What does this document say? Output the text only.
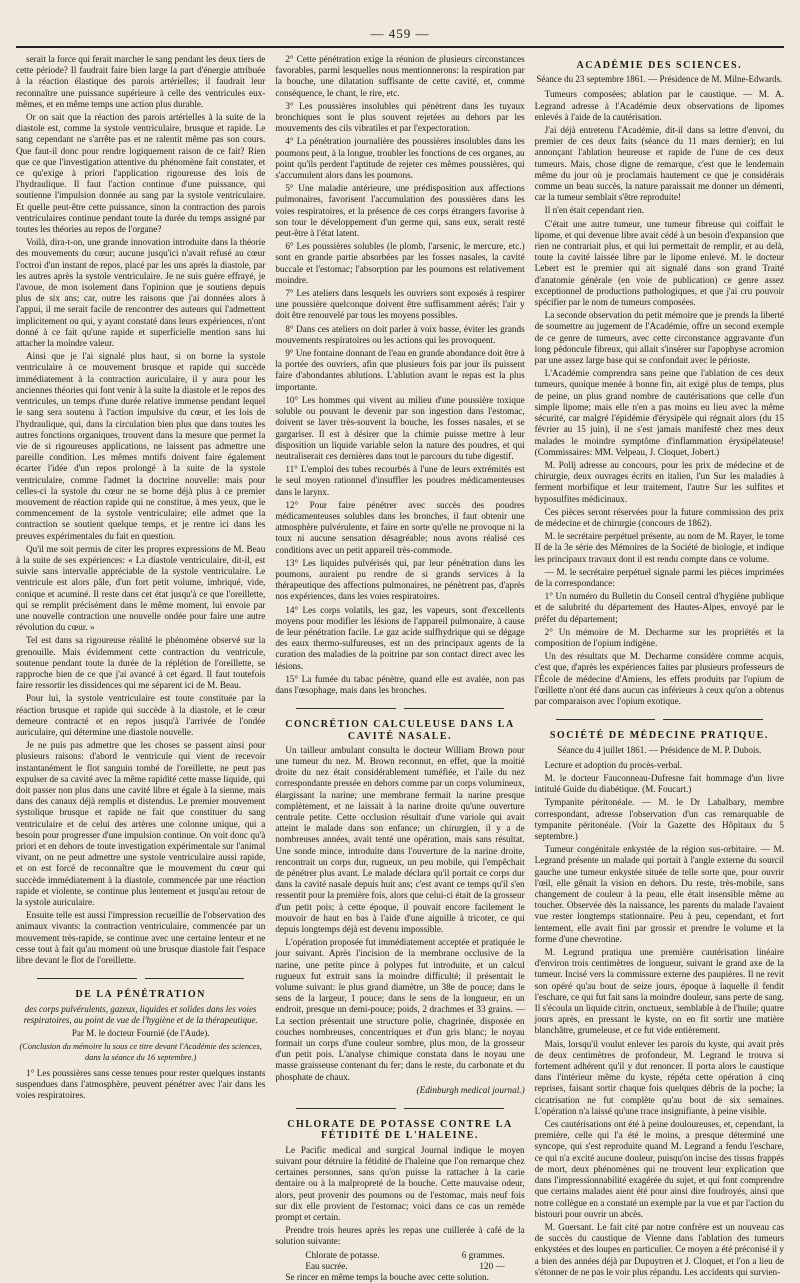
— 459 —

serait la force qui ferait marcher le sang pendant les deux tiers de cette période? Il faudrait faire bien large la part d'énergie attribuée à la réaction élastique des parois artérielles; il faudrait leur reconnaître une puissance supérieure à celle des ventricules eux-mêmes, et en même temps une action plus durable.

Or on sait que la réaction des parois artérielles à la suite de la diastole est, comme la systole ventriculaire, brusque et rapide. Le sang cependant ne s'arrête pas et ne ralentit même pas son cours. Que faut-il donc pour rendre logiquement raison de ce fait? Rien que ce que l'investigation attentive du phénomène fait constater, et ce qu'exige à priori l'application rigoureuse des lois de l'hydraulique. Il faut l'action continue d'une puissance, qui soutienne l'impulsion donnée au sang par la systole ventriculaire. Et quelle peut-être cette puissance, sinon la contraction des parois ventriculaires continue pendant toute la durée du temps assigné par toutes les théories au repos de l'organe?

Voilà, dira-t-on, une grande innovation introduite dans la théorie des mouvements du cœur; aucune jusqu'ici n'avait refusé au cœur l'octroi d'un instant de repos, placé par les uns après la diastole, par les autres après la systole ventriculaire. Je ne suis guère effrayé, je l'avoue, de mon isolement dans l'opinion que je soutiens depuis plus de six ans; car, outre les raisons que j'ai données alors à l'appui, il me serait facile de rencontrer des auteurs qui l'admettent implicitement ou qui, y ayant constaté dans leurs expériences, n'ont donné à ce fait qu'une rapide et superficielle mention sans lui attacher la moindre valeur.

Ainsi que je l'ai signalé plus haut, si on borne la systole ventriculaire à ce mouvement brusque et rapide qui succède immédiatement à la contraction auriculaire, il y aura pour les anciennes théories qui font venir à la suite la diastole et le repos des ventricules, un temps d'une durée relative immense pendant lequel le sang sera soutenu à l'action impulsive du cœur, et les lois de l'hydraulique, qui, dans la circulation bien plus que dans toutes les autres fonctions organiques, trouvent dans la mesure que permet la vie de si rigoureuses applications, ne laissent pas admettre une pareille condition. Les mêmes motifs doivent faire également écarter l'idée d'un repos prolongé à la suite de la systole ventriculaire, comme l'admet la doctrine nouvelle: mais pour celles-ci la systole du cœur ne se borne déjà plus à ce premier mouvement de réaction rapide qui ne constitue, à mes yeux, que le commencement de la systole ventriculaire; elle admet que la contraction se soutient quelque temps, et je rentre ici dans les preuves expérimentales du fait en question.

Qu'il me soit permis de citer les propres expressions de M. Beau à la suite de ses expériences: « La diastole ventriculaire, dit-il, est suivie sans intervalle appréciable de la systole ventriculaire. Le ventricule est alors pâle, d'un fort petit volume, imbriqué, vide, conique et acuminé. Il reste dans cet état jusqu'à ce que l'oreillette, qui se remplit précisément dans le même moment, lui envoie par une nouvelle contraction une nouvelle ondée pour faire une autre révolution du cœur. »

Tel est dans sa rigoureuse réalité le phénomène observé sur la grenouille. Mais évidemment cette contraction du ventricule, soutenue pendant toute la durée de la réplétion de l'oreillette, se rapproche bien de ce que j'ai avancé à cet égard. Il faut toutefois faire ressortir les dissidences qui me séparent ici de M. Beau.

Pour lui, la systole ventriculaire est toute constituée par la réaction brusque et rapide qui succède à la diastole, et le cœur demeure contracté et en repos jusqu'à l'arrivée de l'ondée auriculaire, qui détermine une diastole nouvelle.

Je ne puis pas admettre que les choses se passent ainsi pour plusieurs raisons: d'abord le ventricule qui vient de recevoir instantanément le flot sanguin tombé de l'oreillette, ne peut pas expulser de sa cavité avec la même rapidité cette masse liquide, qui doit passer non plus dans une cavité libre et égale à la sienne, mais dans des canaux déjà remplis et distendus. Le premier mouvement systolique brusque et rapide ne fait que constituer du sang ventriculaire et de celui des artères une colonne unique, qui a besoin pour progresser d'une impulsion continue. On voit donc qu'à priori et en dehors de toute investigation expérimentale sur l'animal vivant, on ne peut admettre une systole ventriculaire aussi rapide, et on est forcé de reconnaître que le mouvement du cœur qui succède immédiatement à la diastole, commencée par une réaction rapide et violente, se continue plus lentement et jusqu'au retour de la systole auriculaire.

Ensuite telle est aussi l'impression recueillie de l'observation des animaux vivants: la contraction ventriculaire, commencée par un mouvement très-rapide, se continue avec une certaine lenteur et ne cesse tout à fait qu'au moment où une brusque diastole fait l'espace libre devant le flot de l'oreillette.

DE LA PÉNÉTRATION
des corps pulvérulents, gazeux, liquides et solides dans les voies respiratoires, au point de vue de l'hygiène et de la thérapeutique.
Par M. le docteur Fournié (de l'Aude).
(Conclusion du mémoire lu sous ce titre devant l'Académie des sciences, dans la séance du 16 septembre.)

1° Les poussières sans cesse tenues pour rester quelques instants suspendues dans l'atmosphère, peuvent pénétrer avec l'air dans les voies respiratoires.

2° Cette pénétration exige la réunion de plusieurs circonstances favorables, parmi lesquelles nous mentionnerons: la respiration par la bouche, une dilatation suffisante de cette cavité, et, comme conséquence, le chant, le rire, etc.

3° Les poussières insolubles qui pénètrent dans les tuyaux bronchiques sont le plus souvent rejetées au dehors par les mouvements des cils vibratiles et par l'expectoration.

4° La pénétration journalière des poussières insolubles dans les poumons peut, à la longue, troubler les fonctions de ces organes, au point qu'ils perdent l'aptitude de rejeter ces mêmes poussières, qui s'accumulent alors dans les poumons.

5° Une maladie antérieure, une prédisposition aux affections pulmonaires, favorisent l'accumulation des poussières dans les voies respiratoires, et la présence de ces corps étrangers favorise à son tour le développement d'un germe qui, sans eux, serait resté peut-être à l'état latent.

6° Les poussières solubles (le plomb, l'arsenic, le mercure, etc.) sont en grande partie absorbées par les fosses nasales, la cavité buccale et l'estomac; l'absorption par les poumons est relativement moindre.

7° Les ateliers dans lesquels les ouvriers sont exposés à respirer une poussière quelconque doivent être suffisamment aérés; l'air y doit être renouvelé par tous les moyens possibles.

8° Dans ces ateliers on doit parler à voix basse, éviter les grands mouvements respiratoires ou les actions qui les provoquent.

9° Une fontaine donnant de l'eau en grande abondance doit être à la portée des ouvriers, afin que plusieurs fois par jour ils puissent faire d'abondantes ablutions. L'ablution avant le repas est la plus importante.

10° Les hommes qui vivent au milieu d'une poussière toxique soluble ou pouvant le devenir par son ingestion dans l'estomac, doivent se laver très-souvent la bouche, les fosses nasales, et se gargariser. Il est à désirer que la chimie puisse mettre à leur disposition un liquide variable selon la nature des poudres, et qui neutraliserait ces dernières dans tout le parcours du tube digestif.

11° L'emploi des tubes recourbés à l'une de leurs extrémités est le seul moyen rationnel d'insuffler les poudres médicamenteuses dans le larynx.

12° Pour faire pénétrer avec succès des poudres médicamenteuses solubles dans les bronches, il faut obtenir une atmosphère pulvérulente, et faire en sorte qu'elle ne provoque ni la toux ni aucune sensation désagréable; nous avons réalisé ces conditions avec un petit appareil très-commode.

13° Les liquides pulvérisés qui, par leur pénétration dans les poumons, auraient pu rendre de si grands services à la thérapeutique des affections pulmonaires, ne pénètrent pas, d'après nos expériences, dans les voies respiratoires.

14° Les corps volatils, les gaz, les vapeurs, sont d'excellents moyens pour modifier les lésions de l'appareil pulmonaire, à cause de leur pénétration facile. Le gaz acide sulfhydrique qui se dégage des eaux thermo-sulfureuses, est un des principaux agents de la curation des maladies de la poitrine par son contact direct avec les lésions.

15° La fumée du tabac pénètre, quand elle est avalée, non pas dans l'œsophage, mais dans les bronches.

CONCRÉTION CALCULEUSE DANS LA CAVITÉ NASALE.

Un tailleur ambulant consulta le docteur William Brown pour une tumeur du nez. M. Brown reconnut, en effet, que la moitié droite du nez était considérablement tuméfiée, et l'aile du nez correspondante pressée en dehors comme par un corps volumineux, élargissant la narine; une membrane fermait la narine presque complètement, et ne laissait à la narine droite qu'une ouverture centrale petite. Cette occlusion résultait d'une variole qui avait atteint le malade dans son enfance; un chirurgien, il y a de nombreuses années, avait tenté une opération, mais sans résultat. Une sonde mince, introduite dans l'ouverture de la narine droite, rencontrait un corps dur, rugueux, un peu mobile, qui l'empêchait de pénétrer plus avant. Le malade déclara qu'il portait ce corps dur dans la cavité nasale depuis huit ans; c'est avant ce temps qu'il s'en ressentit pour la première fois, alors que celui-ci était de la grosseur d'un petit pois; à cette époque, il pouvait encore facilement le mouvoir de haut en bas à l'aide d'une aiguille à tricoter, ce qui depuis longtemps déjà est devenu impossible.

L'opération proposée fut immédiatement acceptée et pratiquée le jour suivant. Après l'incision de la membrane occlusive de la narine, une petite pince à polypes fut introduite, et un calcul rugueux fut extrait sans la moindre difficulté; il présentait le volume suivant: le plus grand diamètre, un 38e de pouce; dans le sens de la largeur, 1 pouce; dans le sens de la longueur, en un endroit, presque un demi-pouce; poids, 2 drachmes et 33 grains. — La section présentait une structure polie, chagrinée, disposée en couches nombreuses, concentriques et d'un gris blanc; le noyau formait un corps d'une couleur sombre, plus mou, de la grosseur d'un petit pois. L'analyse chimique constata dans le noyau une masse graisseuse contenant du fer; dans le reste, du carbonate et du phosphate de chaux.

(Edinburgh medical journal.)
CHLORATE DE POTASSE CONTRE LA FÉTIDITÉ DE L'HALEINE.

Le Pacific medical and surgical Journal indique le moyen suivant pour détruire la fétidité de l'haleine que l'on remarque chez certaines personnes, sans qu'on puisse la rattacher à la carie dentaire ou à la malpropreté de la bouche. Cette mauvaise odeur, alors, peut provenir des poumons ou de l'estomac, mais neuf fois sur dix elle provient de l'estomac; voici dans ce cas un remède prompt et certain.

Prendre trois heures après les repas une cuillerée à café de la solution suivante:

Chlorate de potasse.	6 grammes.
Eau sucrée.	120 —

Se rincer en même temps la bouche avec cette solution.

ACADÉMIE DES SCIENCES.
Séance du 23 septembre 1861. — Présidence de M. Milne-Edwards.

Tumeurs composées; ablation par le caustique. — M. A. Legrand adresse à l'Académie deux observations de lipomes enlevés à l'aide de la cautérisation.

J'ai déjà entretenu l'Académie, dit-il dans sa lettre d'envoi, du premier de ces deux faits (séance du 11 mars dernier); en lui annonçant l'ablation heureuse et rapide de l'une de ces deux tumeurs. Mais, chose digne de remarque, c'est que le lendemain même du jour où je proclamais hautement ce que je considérais comme un beau succès, la nature paraissait me donner un démenti, car la tumeur semblait s'être reproduite!

Il n'en était cependant rien.

C'était une autre tumeur, une tumeur fibreuse qui coiffait le lipome, et qui devenue libre avait cédé à un besoin d'expansion que rien ne contrariait plus, et qui lui permettait de remplir, et au delà, toute la cavité laissée libre par le lipome enlevé. M. le docteur Lebert est le premier qui ait signalé dans son grand Traité d'anatomie générale (en voie de publication) ce genre assez exceptionnel de productions pathologiques, et que j'ai cru pouvoir spécifier par le nom de tumeurs composées.

La seconde observation du petit mémoire que je prends la liberté de soumettre au jugement de l'Académie, offre un second exemple de ce genre de tumeurs, avec cette circonstance aggravante d'un long pédoncule fibreux, qui allait s'insérer sur l'apophyse acromion par une assez large base qui se confondait avec le périoste.

L'Académie comprendra sans peine que l'ablation de ces deux tumeurs, quoique menée à bonne fin, ait exigé plus de temps, plus de peine, un plus grand nombre de cautérisations que celle d'un simple lipome; mais elle n'en a pas moins eu lieu avec la même sécurité, car malgré l'épidémie d'érysipèle qui régnait alors (du 15 février au 15 juin), il ne s'est jamais manifesté chez mes deux malades le moindre symptôme d'inflammation érysipélateuse! (Commissaires: MM. Velpeau, J. Cloquet, Jobert.)

M. Pollj adresse au concours, pour les prix de médecine et de chirurgie, deux ouvrages écrits en italien, l'un Sur les maladies à ferment morbifique et leur traitement, l'autre Sur les sulfites et hyposulfites médicinaux.

Ces pièces seront réservées pour la future commission des prix de médecine et de chirurgie (concours de 1862).

M. le secrétaire perpétuel présente, au nom de M. Rayer, le tome II de la 3e série des Mémoires de la Société de biologie, et indique les principaux travaux dont il est rendu compte dans ce volume.

— M. le secrétaire perpétuel signale parmi les pièces imprimées de la correspondance:

1° Un numéro du Bulletin du Conseil central d'hygiène publique et de salubrité du département des Hautes-Alpes, envoyé par le préfet du département;

2° Un mémoire de M. Decharme sur les propriétés et la composition de l'opium indigène.

Un des résultats que M. Decharme considère comme acquis, c'est que, d'après les expériences faites par plusieurs professeurs de l'École de médecine d'Amiens, les effets produits par l'opium de l'œillette n'ont été dans aucun cas inférieurs à ceux qu'on a obtenus par comparaison avec l'opium exotique.

SOCIÉTÉ DE MÉDECINE PRATIQUE.
Séance du 4 juillet 1861. — Présidence de M. P. Dubois.

Lecture et adoption du procès-verbal.

M. le docteur Fauconneau-Dufresne fait hommage d'un livre intitulé Guide du diabétique. (M. Foucart.)

Tympanite péritonéale. — M. le Dr Labalbary, membre correspondant, adresse l'observation d'un cas remarquable de tympanite péritonéale. (Voir la Gazette des Hôpitaux du 5 septembre.)

Tumeur congénitale enkystée de la région sus-orbitaire. — M. Legrand présente un malade qui portait à l'angle externe du sourcil gauche une tumeur enkystée située de telle sorte que, pour ouvrir l'œil, elle gênait la vision en dehors. Du reste, très-mobile, sans changement de couleur à la peau, elle était insensible même au toucher. Observée dès la naissance, les parents du malade l'avaient vue rester longtemps stationnaire. Peu à peu, cependant, et fort lentement, elle avait fini par grossir et prendre le volume et la forme d'une chevrotine.

M. Legrand pratiqua une première cautérisation linéaire d'environ trois centimètres de longueur, suivant le grand axe de la tumeur. Incisé vers la commissure externe des paupières. Il ne revit son opéré qu'au bout de seize jours, époque à laquelle il fendit l'eschare, ce qui fut fait sans la moindre douleur, sans perte de sang. Il s'écoula un liquide citrin, onctueux, semblable à de l'huile; quatre jours après, en pressant le kyste, on en fit sortir une matière blanchâtre, grumeleuse, et ce fut vide entièrement.

Mais, lorsqu'il voulut enlever les parois du kyste, qui avait près de deux centimètres de profondeur, M. Legrand le trouva si fortement adhérent qu'il y dut renoncer. Il porta alors le caustique dans l'intérieur même du kyste, répéta cette opération à cinq reprises, faisant sortir chaque fois quelques débris de la poche; la cicatrisation ne fut complète qu'au bout de six semaines. L'opération n'a laissé qu'une trace insignifiante, à peine visible.

Ces cautérisations ont été à peine douloureuses, et, cependant, la première, celle qui l'a été le moins, a presque déterminé une syncope, qui s'est reproduite quand M. Legrand a fendu l'eschare, ce qui n'a excité aucune douleur, puisqu'on incise des tissus frappés de mort, deux phénomènes qui ne trouvent leur explication que dans l'impressionnabilité exagérée du sujet, et qui font comprendre que certains malades aient été pour ainsi dire foudroyés, ainsi que notre collègue en a constaté un exemple par la vue et par l'action du bistouri pour ouvrir un abcès.

M. Guersant. Le fait cité par notre confrère est un nouveau cas de succès du caustique de Vienne dans l'ablation des tumeurs enkystées et des loupes en particulier. Ce moyen a été préconisé il y a bien des années déjà par Dupuytren et J. Cloquet, et l'on a lieu de s'étonner de ne pas le voir plus répandu. Les accidents qui survien-
